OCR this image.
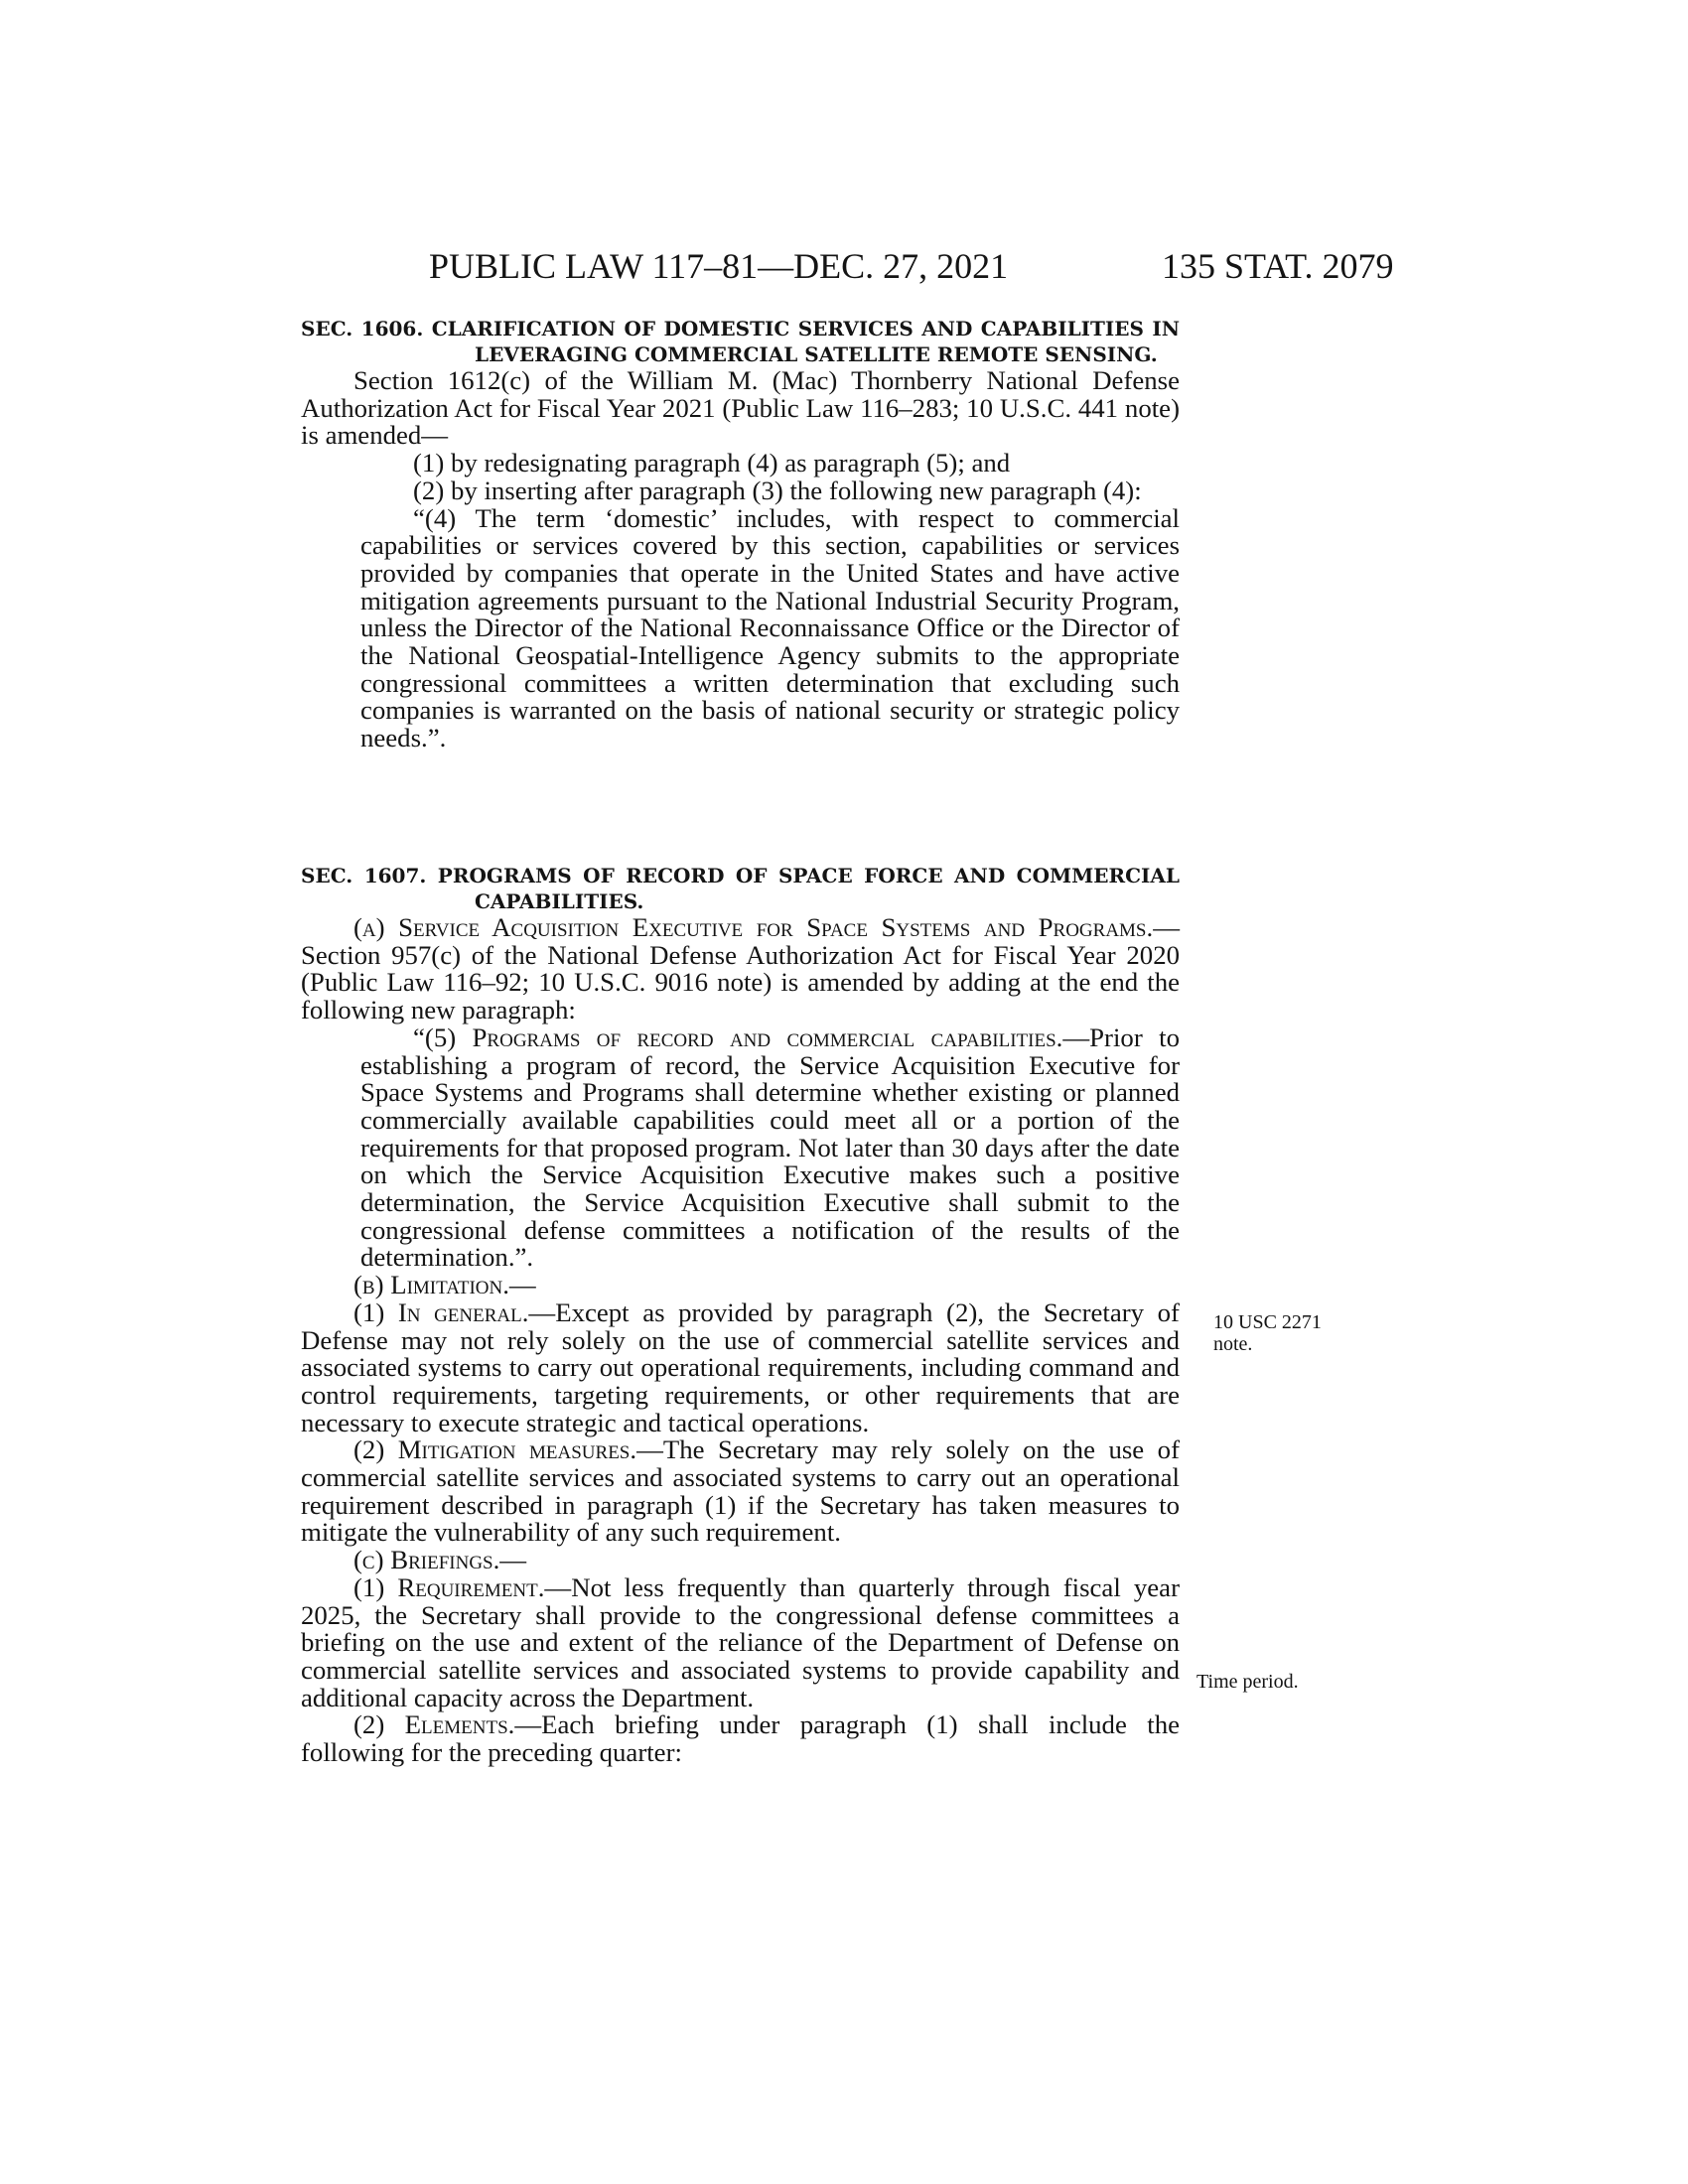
PUBLIC LAW 117–81—DEC. 27, 2021	135 STAT. 2079

SEC. 1606. CLARIFICATION OF DOMESTIC SERVICES AND CAPABILITIES IN LEVERAGING COMMERCIAL SATELLITE REMOTE SENSING.

Section 1612(c) of the William M. (Mac) Thornberry National Defense Authorization Act for Fiscal Year 2021 (Public Law 116–283; 10 U.S.C. 441 note) is amended—

(1) by redesignating paragraph (4) as paragraph (5); and

(2) by inserting after paragraph (3) the following new paragraph (4):

“(4) The term ‘domestic’ includes, with respect to commercial capabilities or services covered by this section, capabilities or services provided by companies that operate in the United States and have active mitigation agreements pursuant to the National Industrial Security Program, unless the Director of the National Reconnaissance Office or the Director of the National Geospatial-Intelligence Agency submits to the appropriate congressional committees a written determination that excluding such companies is warranted on the basis of national security or strategic policy needs.”.

SEC. 1607. PROGRAMS OF RECORD OF SPACE FORCE AND COMMERCIAL CAPABILITIES.

(a) Service Acquisition Executive for Space Systems and Programs.—Section 957(c) of the National Defense Authorization Act for Fiscal Year 2020 (Public Law 116–92; 10 U.S.C. 9016 note) is amended by adding at the end the following new paragraph:

“(5) Programs of record and commercial capabilities.—Prior to establishing a program of record, the Service Acquisition Executive for Space Systems and Programs shall determine whether existing or planned commercially available capabilities could meet all or a portion of the requirements for that proposed program. Not later than 30 days after the date on which the Service Acquisition Executive makes such a positive determination, the Service Acquisition Executive shall submit to the congressional defense committees a notification of the results of the determination.”.

(b) Limitation.—

(1) In general.—Except as provided by paragraph (2), the Secretary of Defense may not rely solely on the use of commercial satellite services and associated systems to carry out operational requirements, including command and control requirements, targeting requirements, or other requirements that are necessary to execute strategic and tactical operations.

(2) Mitigation measures.—The Secretary may rely solely on the use of commercial satellite services and associated systems to carry out an operational requirement described in paragraph (1) if the Secretary has taken measures to mitigate the vulnerability of any such requirement.

(c) Briefings.—

(1) Requirement.—Not less frequently than quarterly through fiscal year 2025, the Secretary shall provide to the congressional defense committees a briefing on the use and extent of the reliance of the Department of Defense on commercial satellite services and associated systems to provide capability and additional capacity across the Department.

(2) Elements.—Each briefing under paragraph (1) shall include the following for the preceding quarter:

10 USC 2271 note.
Time period.
